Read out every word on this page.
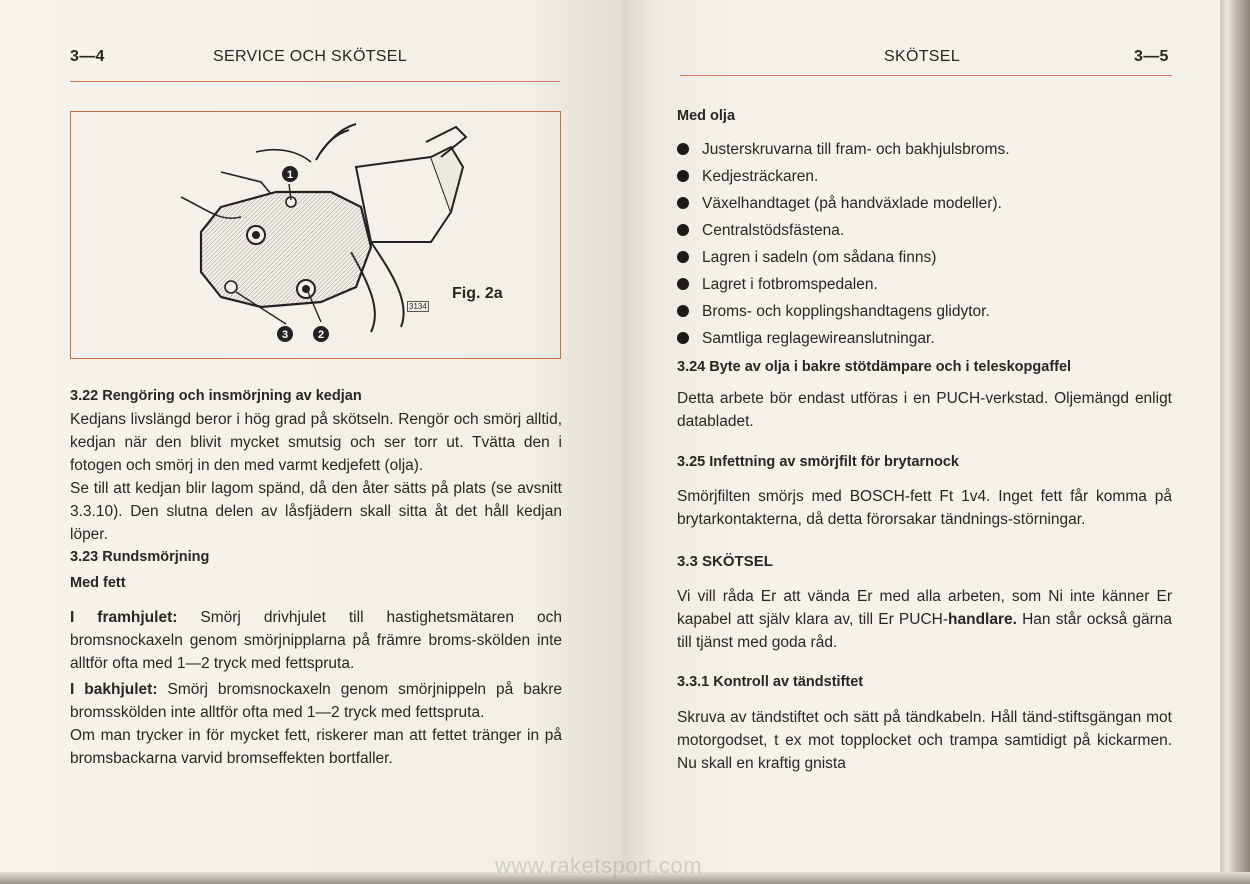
3—4	SERVICE OCH SKÖTSEL
1
2
3
3134
Fig. 2a

3.22 Rengöring och insmörjning av kedjan

Kedjans livslängd beror i hög grad på skötseln. Rengör och smörj alltid, kedjan när den blivit mycket smutsig och ser torr ut. Tvätta den i fotogen och smörj in den med varmt kedjefett (olja).

Se till att kedjan blir lagom spänd, då den åter sätts på plats (se avsnitt 3.3.10). Den slutna delen av låsfjädern skall sitta åt det håll kedjan löper.

3.23 Rundsmörjning

Med fett

I framhjulet: Smörj drivhjulet till hastighetsmätaren och bromsnockaxeln genom smörjnipplarna på främre broms-skölden inte alltför ofta med 1—2 tryck med fettspruta.

I bakhjulet: Smörj bromsnockaxeln genom smörjnippeln på bakre bromsskölden inte alltför ofta med 1—2 tryck med fettspruta.

Om man trycker in för mycket fett, riskerer man att fettet tränger in på bromsbackarna varvid bromseffekten bortfaller.

SKÖTSEL	3—5

Med olja

Justerskruvarna till fram- och bakhjulsbroms.
Kedjesträckaren.
Växelhandtaget (på handväxlade modeller).
Centralstödsfästena.
Lagren i sadeln (om sådana finns)
Lagret i fotbromspedalen.
Broms- och kopplingshandtagens glidytor.
Samtliga reglagewireanslutningar.

3.24 Byte av olja i bakre stötdämpare och i teleskopgaffel

Detta arbete bör endast utföras i en PUCH-verkstad. Oljemängd enligt databladet.

3.25 Infettning av smörjfilt för brytarnock

Smörjfilten smörjs med BOSCH-fett Ft 1v4. Inget fett får komma på brytarkontakterna, då detta förorsakar tändnings-störningar.

3.3 SKÖTSEL

Vi vill råda Er att vända Er med alla arbeten, som Ni inte känner Er kapabel att själv klara av, till Er PUCH-handlare. Han står också gärna till tjänst med goda råd.

3.3.1 Kontroll av tändstiftet

Skruva av tändstiftet och sätt på tändkabeln. Håll tänd-stiftsgängan mot motorgodset, t ex mot topplocket och trampa samtidigt på kickarmen. Nu skall en kraftig gnista

www.raketsport.com
